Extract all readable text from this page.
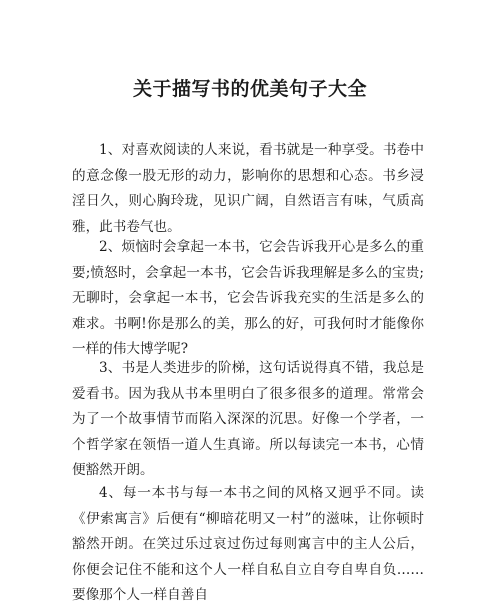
关于描写书的优美句子大全

1、对喜欢阅读的人来说，看书就是一种享受。书卷中的意念像一股无形的动力，影响你的思想和心态。书乡浸淫日久，则心胸玲珑，见识广阔，自然语言有味，气质高雅，此书卷气也。

2、烦恼时会拿起一本书，它会告诉我开心是多么的重要;愤怒时，会拿起一本书，它会告诉我理解是多么的宝贵;无聊时，会拿起一本书，它会告诉我充实的生活是多么的难求。书啊!你是那么的美，那么的好，可我何时才能像你一样的伟大博学呢?

3、书是人类进步的阶梯，这句话说得真不错，我总是爱看书。因为我从书本里明白了很多很多的道理。常常会为了一个故事情节而陷入深深的沉思。好像一个学者，一个哲学家在领悟一道人生真谛。所以每读完一本书，心情便豁然开朗。

4、每一本书与每一本书之间的风格又迥乎不同。读《伊索寓言》后便有“柳暗花明又一村”的滋味，让你顿时豁然开朗。在笑过乐过哀过伤过每则寓言中的主人公后，你便会记住不能和这个人一样自私自立自夸自卑自负……要像那个人一样自善自
